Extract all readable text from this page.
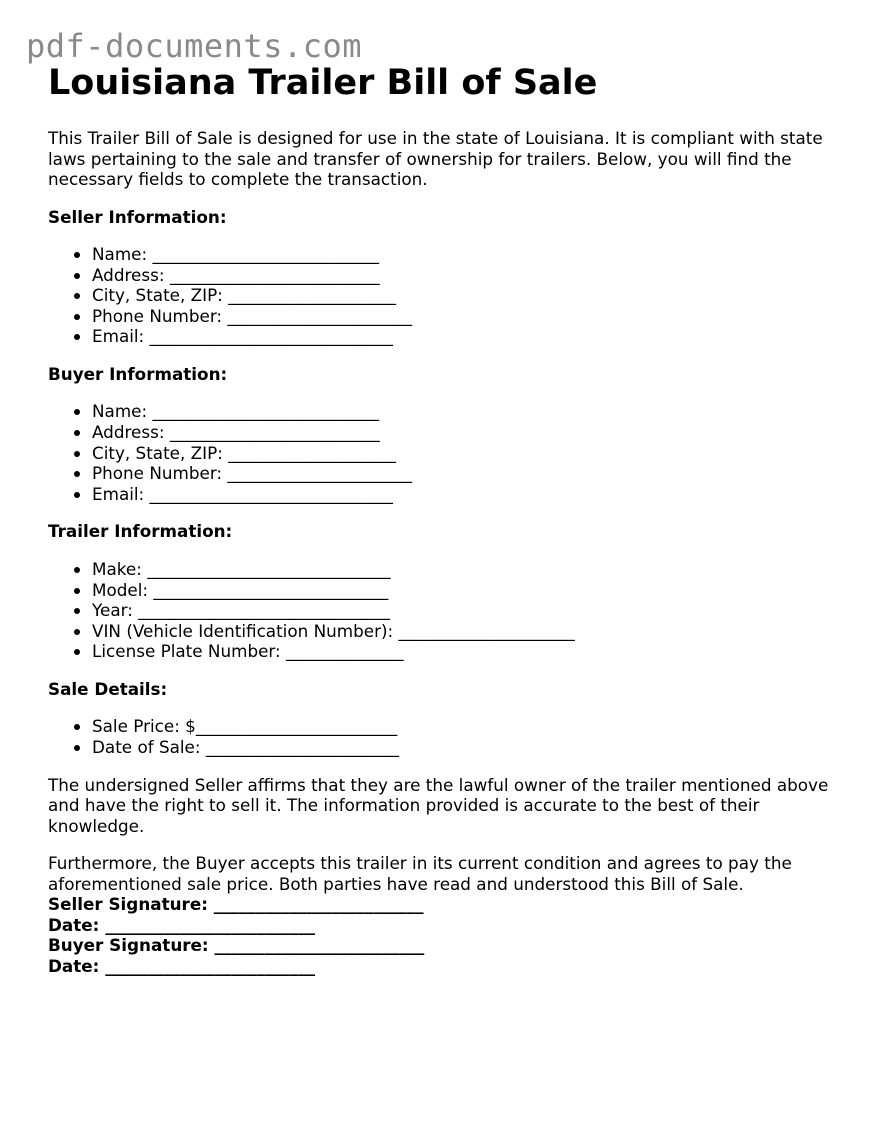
pdf-documents.com
Louisiana Trailer Bill of Sale

This Trailer Bill of Sale is designed for use in the state of Louisiana. It is compliant with state laws pertaining to the sale and transfer of ownership for trailers. Below, you will find the necessary fields to complete the transaction.

Seller Information:
Name: ___________________________
Address: _________________________
City, State, ZIP: ____________________
Phone Number: ______________________
Email: _____________________________
Buyer Information:
Name: ___________________________
Address: _________________________
City, State, ZIP: ____________________
Phone Number: ______________________
Email: _____________________________
Trailer Information:
Make: _____________________________
Model: ____________________________
Year: ______________________________
VIN (Vehicle Identification Number): _____________________
License Plate Number: ______________
Sale Details:
Sale Price: $________________________
Date of Sale: _______________________

The undersigned Seller affirms that they are the lawful owner of the trailer mentioned above and have the right to sell it. The information provided is accurate to the best of their knowledge.

Furthermore, the Buyer accepts this trailer in its current condition and agrees to pay the aforementioned sale price. Both parties have read and understood this Bill of Sale.

Seller Signature: _________________________
Date: _________________________
Buyer Signature: _________________________
Date: _________________________
